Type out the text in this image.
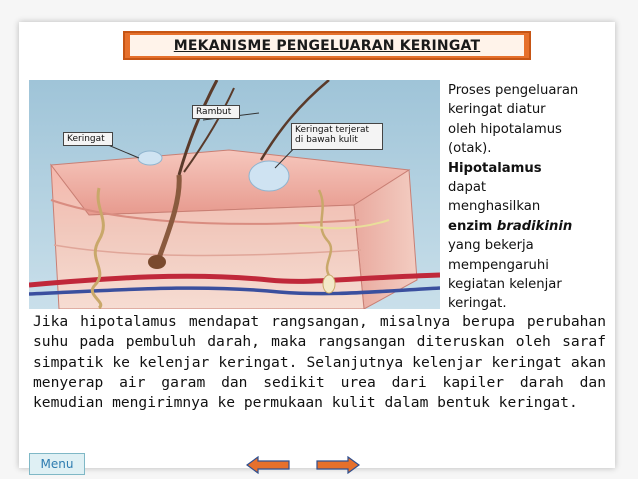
MEKANISME PENGELUARAN KERINGAT
Keringat
Rambut
Keringat terjerat
di bawah kulit
Proses pengeluaran
keringat diatur
oleh hipotalamus
(otak).
Hipotalamus
dapat
menghasilkan
enzim bradikinin
yang bekerja
mempengaruhi
kegiatan kelenjar
keringat.
Jika hipotalamus mendapat rangsangan, misalnya berupa perubahan suhu pada pembuluh darah, maka rangsangan diteruskan oleh saraf simpatik ke kelenjar keringat. Selanjutnya kelenjar keringat akan menyerap air garam dan sedikit urea dari kapiler darah dan kemudian mengirimnya ke permukaan kulit dalam bentuk keringat.
Menu
